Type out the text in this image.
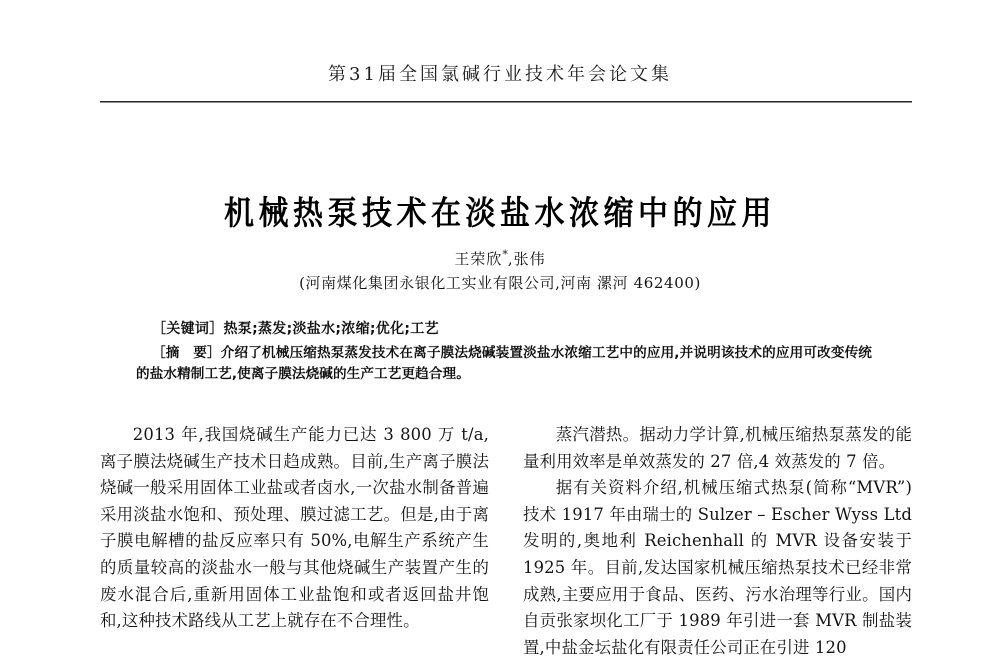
第31届全国氯碱行业技术年会论文集
机械热泵技术在淡盐水浓缩中的应用
王荣欣*,张伟
(河南煤化集团永银化工实业有限公司,河南 漯河 462400)
［关键词］热泵;蒸发;淡盐水;浓缩;优化;工艺

［摘　要］介绍了机械压缩热泵蒸发技术在离子膜法烧碱装置淡盐水浓缩工艺中的应用,并说明该技术的应用可改变传统的盐水精制工艺,使离子膜法烧碱的生产工艺更趋合理。

2013 年,我国烧碱生产能力已达 3 800 万 t/a,离子膜法烧碱生产技术日趋成熟。目前,生产离子膜法烧碱一般采用固体工业盐或者卤水,一次盐水制备普遍采用淡盐水饱和、预处理、膜过滤工艺。但是,由于离子膜电解槽的盐反应率只有 50%,电解生产系统产生的质量较高的淡盐水一般与其他烧碱生产装置产生的废水混合后,重新用固体工业盐饱和或者返回盐井饱和,这种技术路线从工艺上就存在不合理性。

蒸汽潜热。据动力学计算,机械压缩热泵蒸发的能量利用效率是单效蒸发的 27 倍,4 效蒸发的 7 倍。

据有关资料介绍,机械压缩式热泵(简称“MVR”)技术 1917 年由瑞士的 Sulzer – Escher Wyss Ltd 发明的,奥地利 Reichenhall 的 MVR 设备安装于 1925 年。目前,发达国家机械压缩热泵技术已经非常成熟,主要应用于食品、医药、污水治理等行业。国内自贡张家坝化工厂于 1989 年引进一套 MVR 制盐装置,中盐金坛盐化有限责任公司正在引进 120
